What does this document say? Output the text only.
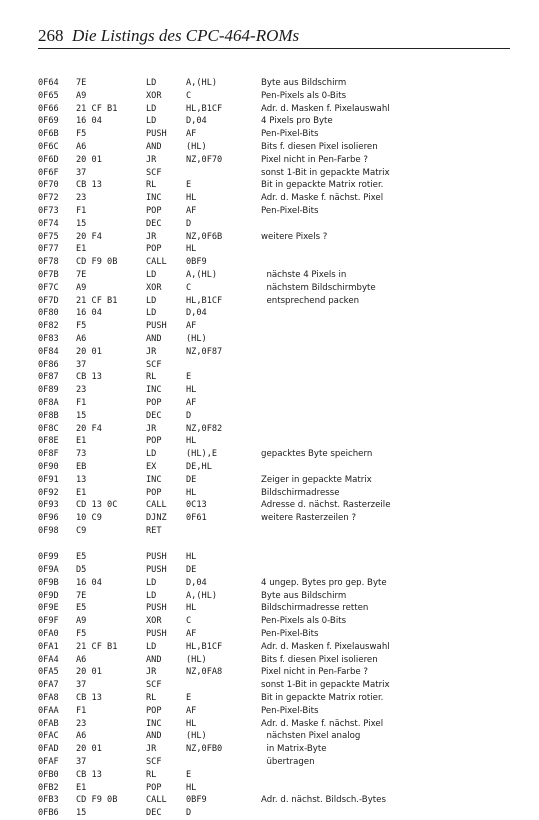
268 Die Listings des CPC-464-ROMs
0F64 7E	LD	A,(HL)	Byte aus Bildschirm
0F65 A9	XOR	C	Pen-Pixels als 0-Bits
0F66 21 CF B1	LD	HL,B1CF	Adr. d. Masken f. Pixelauswahl
0F69 16 04	LD	D,04	4 Pixels pro Byte
0F6B F5	PUSH AF	Pen-Pixel-Bits
0F6C A6	AND	(HL)	Bits f. diesen Pixel isolieren
0F6D 20 01	JR	NZ,0F70	Pixel nicht in Pen-Farbe ?
0F6F 37	SCF	sonst 1-Bit in gepackte Matrix
0F70 CB 13	RL	E	Bit in gepackte Matrix rotier.
0F72 23	INC	HL	Adr. d. Maske f. nächst. Pixel
0F73 F1	POP	AF	Pen-Pixel-Bits
0F74 15	DEC	D
0F75 20 F4	JR	NZ,0F6B	weitere Pixels ?
0F77 E1	POP	HL
0F78 CD F9 0B	CALL 0BF9
0F7B 7E	LD	A,(HL)	nächste 4 Pixels in
0F7C A9	XOR	C	nächstem Bildschirmbyte
0F7D 21 CF B1	LD	HL,B1CF	entsprechend packen
0F80 16 04	LD	D,04
0F82 F5	PUSH AF
0F83 A6	AND	(HL)
0F84 20 01	JR	NZ,0F87
0F86 37	SCF
0F87 CB 13	RL	E
0F89 23	INC	HL
0F8A F1	POP	AF
0F8B 15	DEC	D
0F8C 20 F4	JR	NZ,0F82
0F8E E1	POP	HL
0F8F 73	LD	(HL),E	gepacktes Byte speichern
0F90 EB	EX	DE,HL
0F91 13	INC	DE	Zeiger in gepackte Matrix
0F92 E1	POP	HL	Bildschirmadresse
0F93 CD 13 0C	CALL 0C13	Adresse d. nächst. Rasterzeile
0F96 10 C9	DJNZ 0F61	weitere Rasterzeilen ?
0F98 C9	RET
0F99 E5	PUSH HL
0F9A D5	PUSH DE
0F9B 16 04	LD	D,04	4 ungep. Bytes pro gep. Byte
0F9D 7E	LD	A,(HL)	Byte aus Bildschirm
0F9E E5	PUSH HL	Bildschirmadresse retten
0F9F A9	XOR	C	Pen-Pixels als 0-Bits
0FA0 F5	PUSH AF	Pen-Pixel-Bits
0FA1 21 CF B1	LD	HL,B1CF	Adr. d. Masken f. Pixelauswahl
0FA4 A6	AND	(HL)	Bits f. diesen Pixel isolieren
0FA5 20 01	JR	NZ,0FA8	Pixel nicht in Pen-Farbe ?
0FA7 37	SCF	sonst 1-Bit in gepackte Matrix
0FA8 CB 13	RL	E	Bit in gepackte Matrix rotier.
0FAA F1	POP	AF	Pen-Pixel-Bits
0FAB 23	INC	HL	Adr. d. Maske f. nächst. Pixel
0FAC A6	AND	(HL)	nächsten Pixel analog
0FAD 20 01	JR	NZ,0FB0	in Matrix-Byte
0FAF 37	SCF	übertragen
0FB0 CB 13	RL	E
0FB2 E1	POP	HL
0FB3 CD F9 0B	CALL 0BF9	Adr. d. nächst. Bildsch.-Bytes
0FB6 15	DEC	D
